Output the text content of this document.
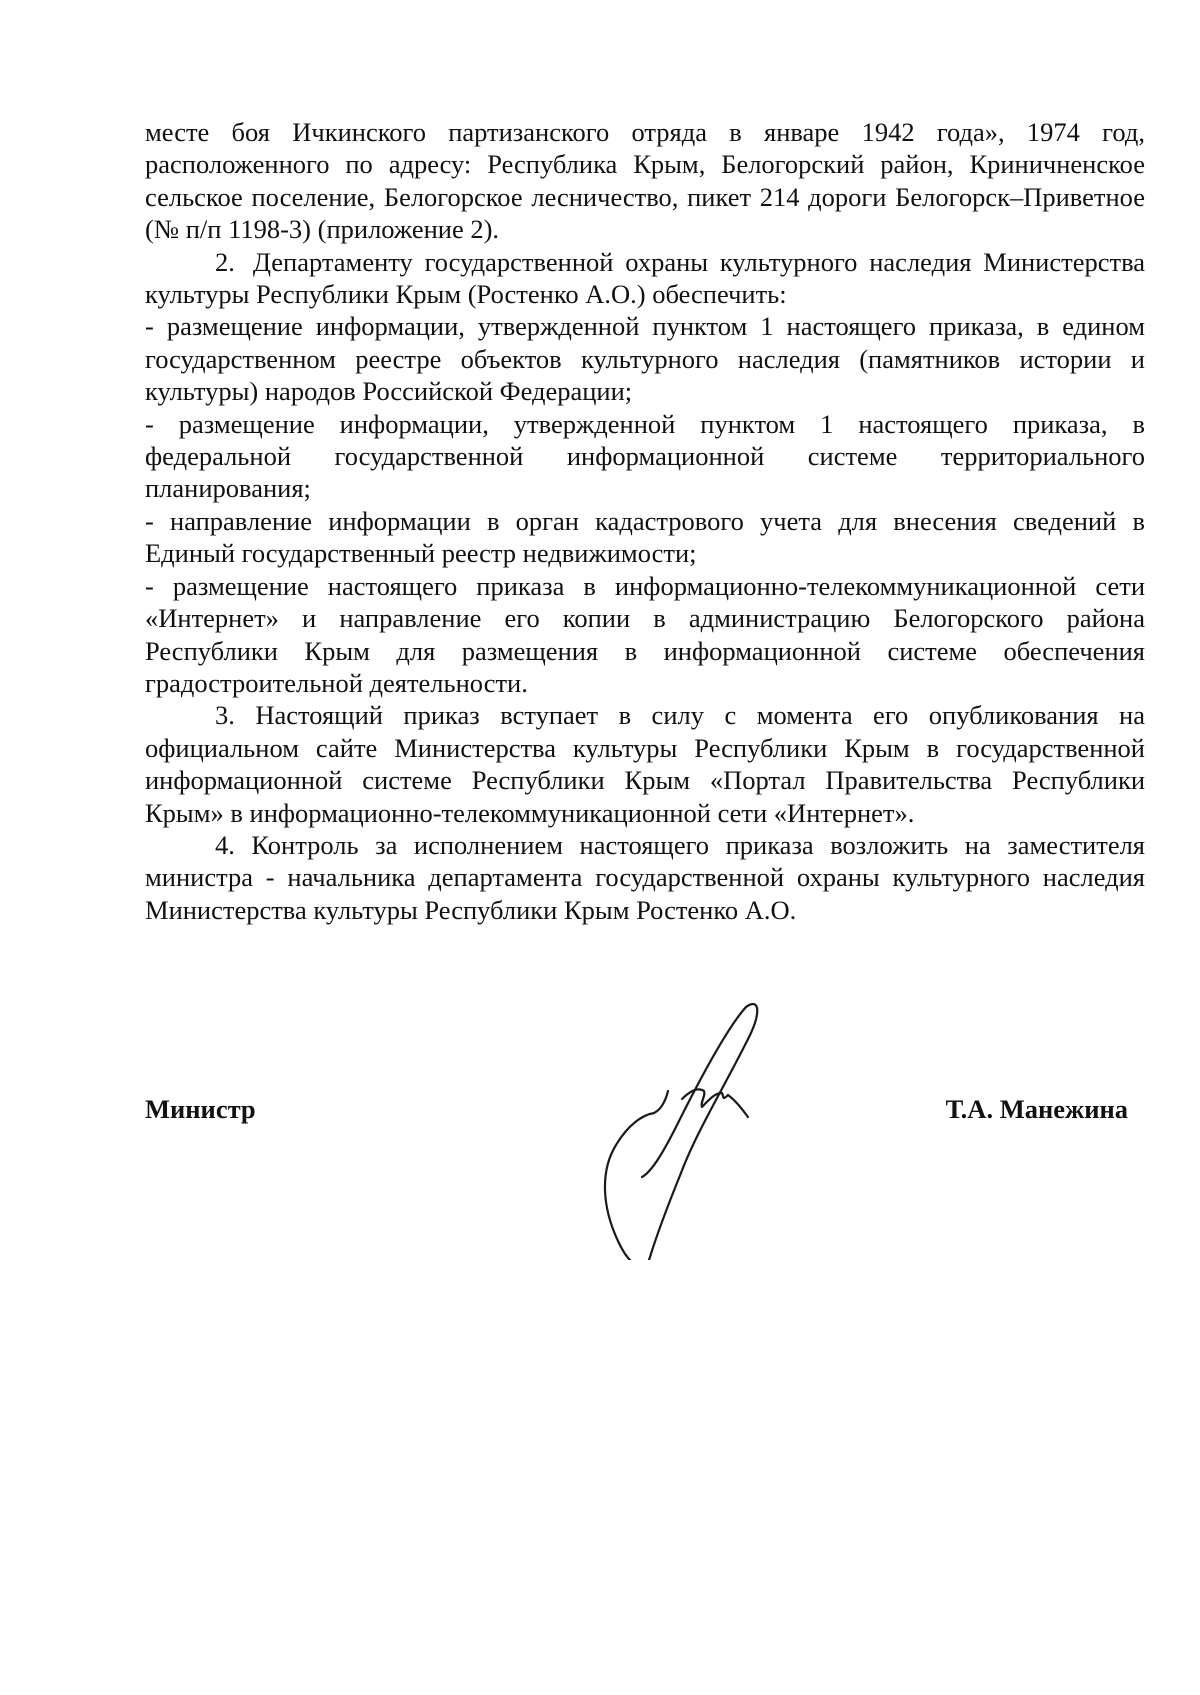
месте боя Ичкинского партизанского отряда в январе 1942 года», 1974 год, расположенного по адресу: Республика Крым, Белогорский район, Криничненское сельское поселение, Белогорское лесничество, пикет 214 дороги Белогорск–Приветное (№ п/п 1198-3) (приложение 2).

2. Департаменту государственной охраны культурного наследия Министерства культуры Республики Крым (Ростенко А.О.) обеспечить:

- размещение информации, утвержденной пунктом 1 настоящего приказа, в едином государственном реестре объектов культурного наследия (памятников истории и культуры) народов Российской Федерации;

- размещение информации, утвержденной пунктом 1 настоящего приказа, в федеральной государственной информационной системе территориального планирования;

- направление информации в орган кадастрового учета для внесения сведений в Единый государственный реестр недвижимости;

- размещение настоящего приказа в информационно-телекоммуникационной сети «Интернет» и направление его копии в администрацию Белогорского района Республики Крым для размещения в информационной системе обеспечения градостроительной деятельности.

3. Настоящий приказ вступает в силу с момента его опубликования на официальном сайте Министерства культуры Республики Крым в государственной информационной системе Республики Крым «Портал Правительства Республики Крым» в информационно-телекоммуникационной сети «Интернет».

4. Контроль за исполнением настоящего приказа возложить на заместителя министра - начальника департамента государственной охраны культурного наследия Министерства культуры Республики Крым Ростенко А.О.

Министр	Т.А. Манежина
